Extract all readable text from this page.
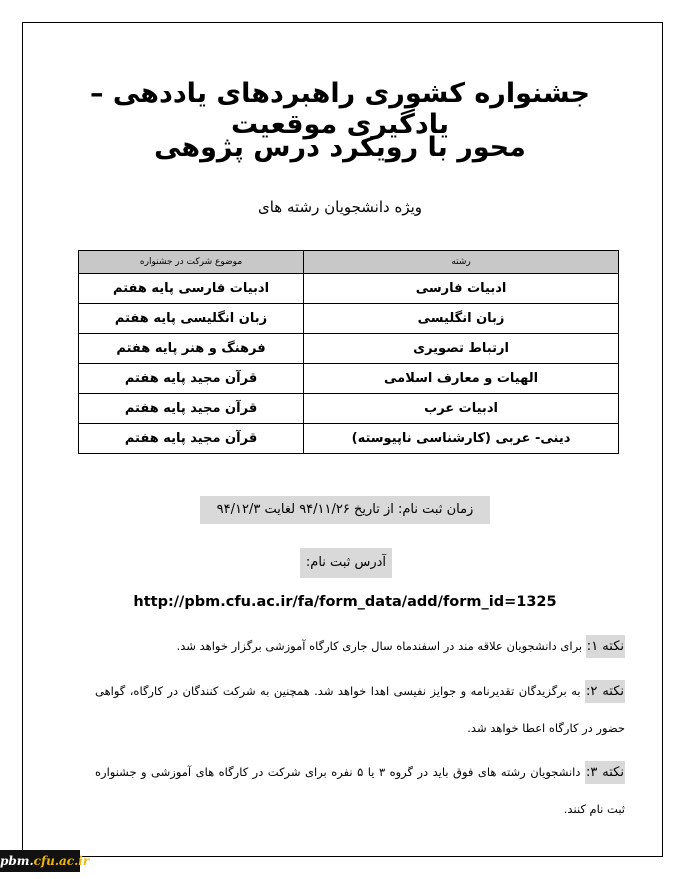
جشنواره کشوری راهبردهای یاددهی – یادگیری موقعیت
محور با رویکرد درس پژوهی
ویژه دانشجویان رشته های
رشته	موضوع شرکت در جشنواره
ادبیات فارسی	ادبیات فارسی پایه هفتم
زبان انگلیسی	زبان انگلیسی پایه هفتم
ارتباط تصویری	فرهنگ و هنر پایه هفتم
الهیات و معارف اسلامی	قرآن مجید پایه هفتم
ادبیات عرب	قرآن مجید پایه هفتم
دینی- عربی (کارشناسی ناپیوسته)	قرآن مجید پایه هفتم
زمان ثبت نام: از تاریخ ۹۴/۱۱/۲۶ لغایت ۹۴/۱۲/۳
آدرس ثبت نام:
http://pbm.cfu.ac.ir/fa/form_data/add/form_id=1325
نکته ۱: برای دانشجویان علاقه مند در اسفندماه سال جاری کارگاه آموزشی برگزار خواهد شد.
نکته ۲: به برگزیدگان تقدیرنامه و جوایز نفیسی اهدا خواهد شد. همچنین به شرکت کنندگان در کارگاه، گواهی حضور در کارگاه اعطا خواهد شد.
نکته ۳: دانشجویان رشته های فوق باید در گروه ۳ یا ۵ نفره برای شرکت در کارگاه های آموزشی و جشنواره ثبت نام کنند.
pbm.cfu.ac.ir
